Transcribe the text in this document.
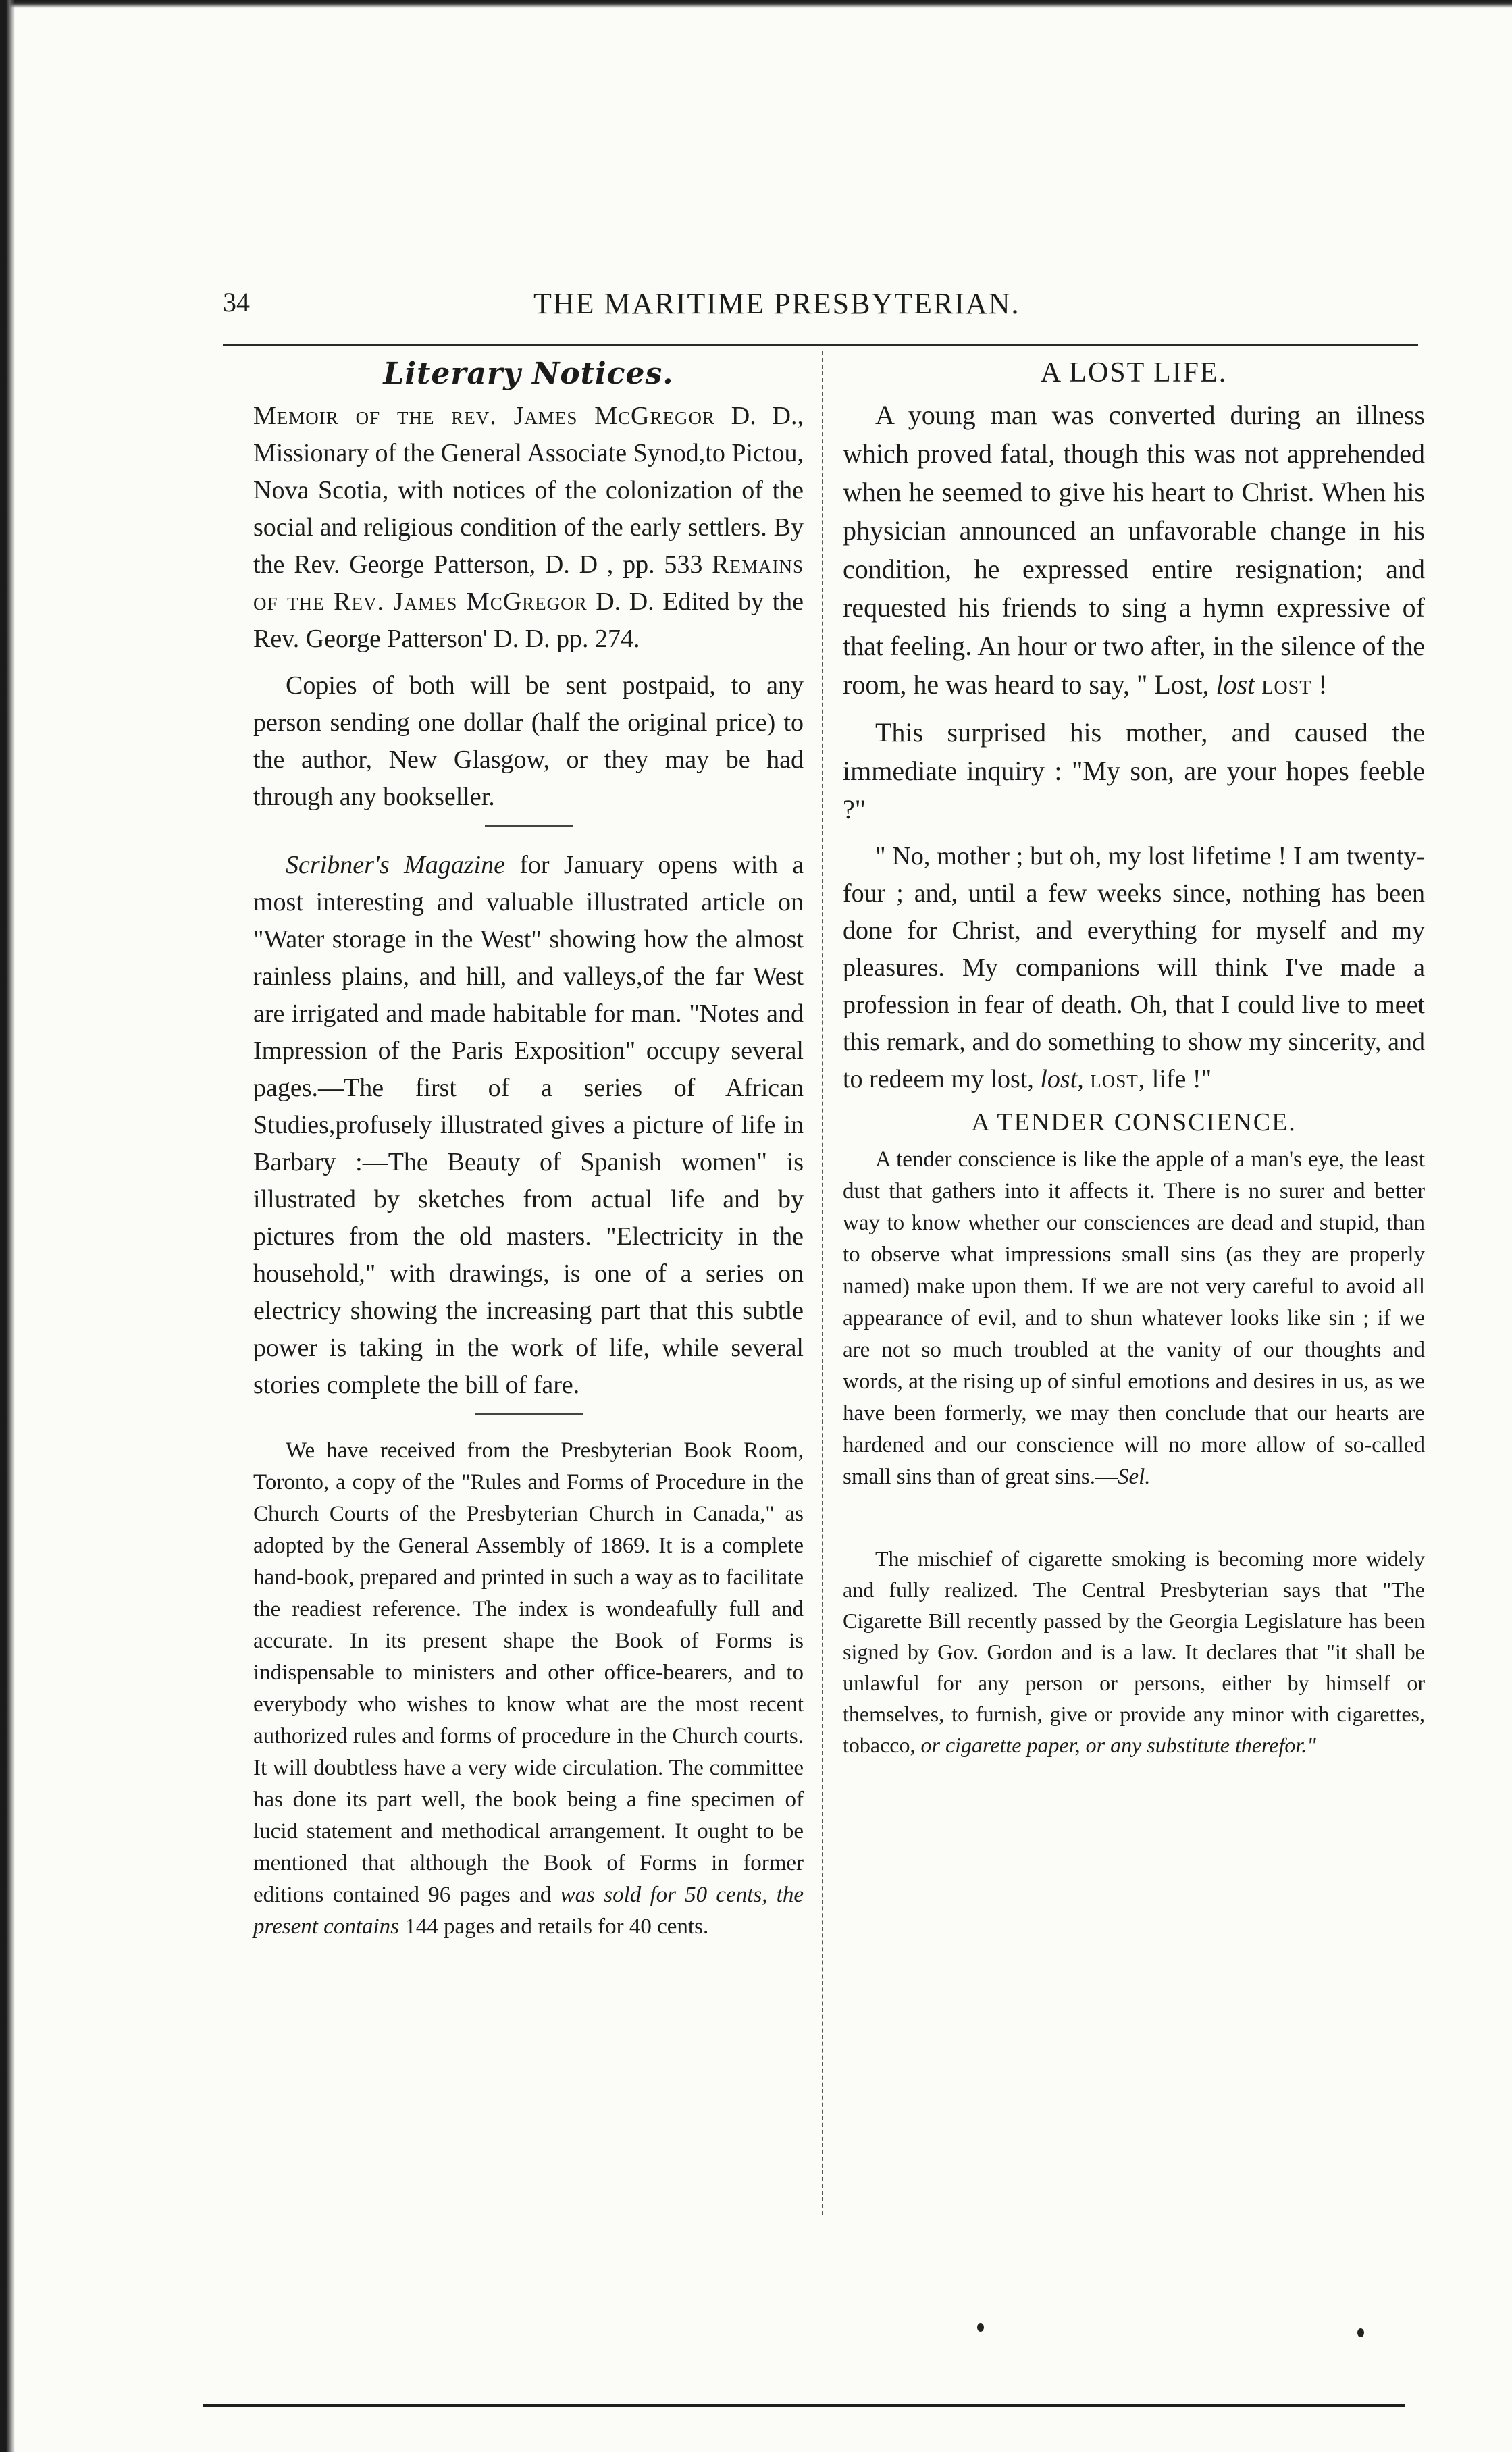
34	THE MARITIME PRESBYTERIAN.
Literary Notices.

Memoir of the rev. James McGregor D. D., Missionary of the General Associate Synod,to Pictou, Nova Scotia, with notices of the colonization of the social and religious condition of the early settlers. By the Rev. George Patterson, D. D , pp. 533 Remains of the Rev. James McGregor D. D. Edited by the Rev. George Patterson' D. D. pp. 274.

Copies of both will be sent postpaid, to any person sending one dollar (half the original price) to the author, New Glasgow, or they may be had through any bookseller.

Scribner's Magazine for January opens with a most interesting and valuable illustrated article on "Water storage in the West" showing how the almost rainless plains, and hill, and valleys,of the far West are irrigated and made habitable for man. "Notes and Impression of the Paris Exposition" occupy several pages.—The first of a series of African Studies,profusely illustrated gives a picture of life in Barbary :—The Beauty of Spanish women" is illustrated by sketches from actual life and by pictures from the old masters. "Electricity in the household," with drawings, is one of a series on electricy showing the increasing part that this subtle power is taking in the work of life, while several stories complete the bill of fare.

We have received from the Presbyterian Book Room, Toronto, a copy of the "Rules and Forms of Procedure in the Church Courts of the Presbyterian Church in Canada," as adopted by the General Assembly of 1869. It is a complete hand-book, prepared and printed in such a way as to facilitate the readiest reference. The index is wondeafully full and accurate. In its present shape the Book of Forms is indispensable to ministers and other office-bearers, and to everybody who wishes to know what are the most recent authorized rules and forms of procedure in the Church courts. It will doubtless have a very wide circulation. The committee has done its part well, the book being a fine specimen of lucid statement and methodical arrangement. It ought to be mentioned that although the Book of Forms in former editions contained 96 pages and was sold for 50 cents, the present contains 144 pages and retails for 40 cents.

A LOST LIFE.

A young man was converted during an illness which proved fatal, though this was not apprehended when he seemed to give his heart to Christ. When his physician announced an unfavorable change in his condition, he expressed entire resignation; and requested his friends to sing a hymn expressive of that feeling. An hour or two after, in the silence of the room, he was heard to say, " Lost, lost lost !

This surprised his mother, and caused the immediate inquiry : "My son, are your hopes feeble ?"

" No, mother ; but oh, my lost lifetime ! I am twenty-four ; and, until a few weeks since, nothing has been done for Christ, and everything for myself and my pleasures. My companions will think I've made a profession in fear of death. Oh, that I could live to meet this remark, and do something to show my sincerity, and to redeem my lost, lost, lost, life !"

A TENDER CONSCIENCE.

A tender conscience is like the apple of a man's eye, the least dust that gathers into it affects it. There is no surer and better way to know whether our consciences are dead and stupid, than to observe what impressions small sins (as they are properly named) make upon them. If we are not very careful to avoid all appearance of evil, and to shun whatever looks like sin ; if we are not so much troubled at the vanity of our thoughts and words, at the rising up of sinful emotions and desires in us, as we have been formerly, we may then conclude that our hearts are hardened and our conscience will no more allow of so-called small sins than of great sins.—Sel.

The mischief of cigarette smoking is becoming more widely and fully realized. The Central Presbyterian says that "The Cigarette Bill recently passed by the Georgia Legislature has been signed by Gov. Gordon and is a law. It declares that "it shall be unlawful for any person or persons, either by himself or themselves, to furnish, give or provide any minor with cigarettes, tobacco, or cigarette paper, or any substitute therefor."
